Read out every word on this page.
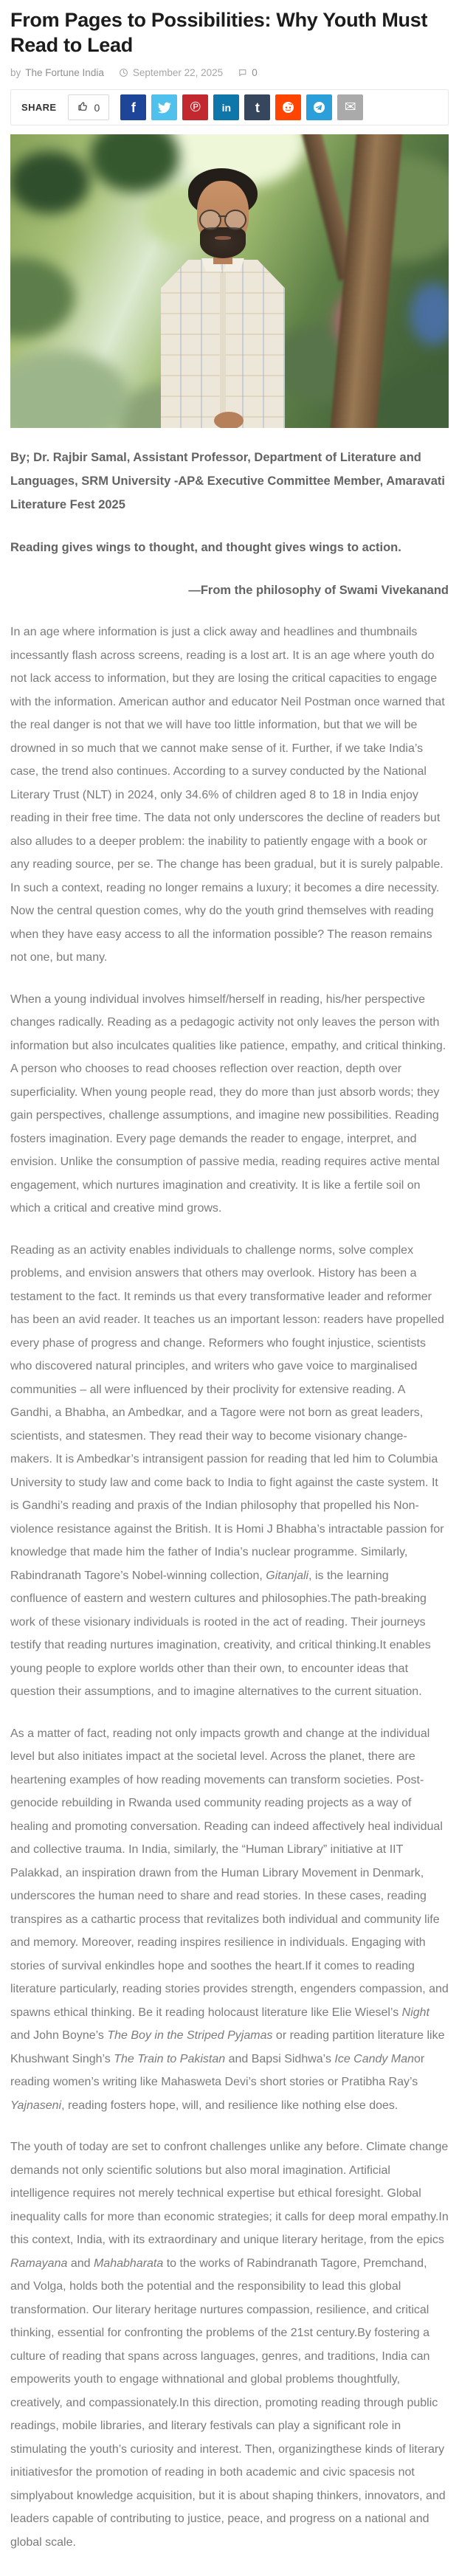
From Pages to Possibilities: Why Youth Must Read to Lead
by The Fortune India	September 22, 2025	0
SHARE	0 f	℗ in t	✉

By; Dr. Rajbir Samal, Assistant Professor, Department of Literature and Languages, SRM University -AP& Executive Committee Member, Amaravati Literature Fest 2025

Reading gives wings to thought, and thought gives wings to action.

—From the philosophy of Swami Vivekanand

In an age where information is just a click away and headlines and thumbnails incessantly flash across screens, reading is a lost art. It is an age where youth do not lack access to information, but they are losing the critical capacities to engage with the information. American author and educator Neil Postman once warned that the real danger is not that we will have too little information, but that we will be drowned in so much that we cannot make sense of it. Further, if we take India’s case, the trend also continues. According to a survey conducted by the National Literary Trust (NLT) in 2024, only 34.6% of children aged 8 to 18 in India enjoy reading in their free time. The data not only underscores the decline of readers but also alludes to a deeper problem: the inability to patiently engage with a book or any reading source, per se. The change has been gradual, but it is surely palpable. In such a context, reading no longer remains a luxury; it becomes a dire necessity. Now the central question comes, why do the youth grind themselves with reading when they have easy access to all the information possible? The reason remains not one, but many.

When a young individual involves himself/herself in reading, his/her perspective changes radically. Reading as a pedagogic activity not only leaves the person with information but also inculcates qualities like patience, empathy, and critical thinking. A person who chooses to read chooses reflection over reaction, depth over superficiality. When young people read, they do more than just absorb words; they gain perspectives, challenge assumptions, and imagine new possibilities. Reading fosters imagination. Every page demands the reader to engage, interpret, and envision. Unlike the consumption of passive media, reading requires active mental engagement, which nurtures imagination and creativity. It is like a fertile soil on which a critical and creative mind grows.

Reading as an activity enables individuals to challenge norms, solve complex problems, and envision answers that others may overlook. History has been a testament to the fact. It reminds us that every transformative leader and reformer has been an avid reader. It teaches us an important lesson: readers have propelled every phase of progress and change. Reformers who fought injustice, scientists who discovered natural principles, and writers who gave voice to marginalised communities – all were influenced by their proclivity for extensive reading. A Gandhi, a Bhabha, an Ambedkar, and a Tagore were not born as great leaders, scientists, and statesmen. They read their way to become visionary change-makers. It is Ambedkar’s intransigent passion for reading that led him to Columbia University to study law and come back to India to fight against the caste system. It is Gandhi’s reading and praxis of the Indian philosophy that propelled his Non-violence resistance against the British. It is Homi J Bhabha’s intractable passion for knowledge that made him the father of India’s nuclear programme. Similarly, Rabindranath Tagore’s Nobel-winning collection, Gitanjali, is the learning confluence of eastern and western cultures and philosophies.The path-breaking work of these visionary individuals is rooted in the act of reading. Their journeys testify that reading nurtures imagination, creativity, and critical thinking.It enables young people to explore worlds other than their own, to encounter ideas that question their assumptions, and to imagine alternatives to the current situation.

As a matter of fact, reading not only impacts growth and change at the individual level but also initiates impact at the societal level. Across the planet, there are heartening examples of how reading movements can transform societies. Post-genocide rebuilding in Rwanda used community reading projects as a way of healing and promoting conversation. Reading can indeed affectively heal individual and collective trauma. In India, similarly, the “Human Library” initiative at IIT Palakkad, an inspiration drawn from the Human Library Movement in Denmark, underscores the human need to share and read stories. In these cases, reading transpires as a cathartic process that revitalizes both individual and community life and memory. Moreover, reading inspires resilience in individuals. Engaging with stories of survival enkindles hope and soothes the heart.If it comes to reading literature particularly, reading stories provides strength, engenders compassion, and spawns ethical thinking. Be it reading holocaust literature like Elie Wiesel’s Night and John Boyne’s The Boy in the Striped Pyjamas or reading partition literature like Khushwant Singh’s The Train to Pakistan and Bapsi Sidhwa’s Ice Candy Manor reading women’s writing like Mahasweta Devi’s short stories or Pratibha Ray’s Yajnaseni, reading fosters hope, will, and resilience like nothing else does.

The youth of today are set to confront challenges unlike any before. Climate change demands not only scientific solutions but also moral imagination. Artificial intelligence requires not merely technical expertise but ethical foresight. Global inequality calls for more than economic strategies; it calls for deep moral empathy.In this context, India, with its extraordinary and unique literary heritage, from the epics Ramayana and Mahabharata to the works of Rabindranath Tagore, Premchand, and Volga, holds both the potential and the responsibility to lead this global transformation. Our literary heritage nurtures compassion, resilience, and critical thinking, essential for confronting the problems of the 21st century.By fostering a culture of reading that spans across languages, genres, and traditions, India can empowerits youth to engage withnational and global problems thoughtfully, creatively, and compassionately.In this direction, promoting reading through public readings, mobile libraries, and literary festivals can play a significant role in stimulating the youth’s curiosity and interest. Then, organizingthese kinds of literary initiativesfor the promotion of reading in both academic and civic spacesis not simplyabout knowledge acquisition, but it is about shaping thinkers, innovators, and leaders capable of contributing to justice, peace, and progress on a national and global scale.
